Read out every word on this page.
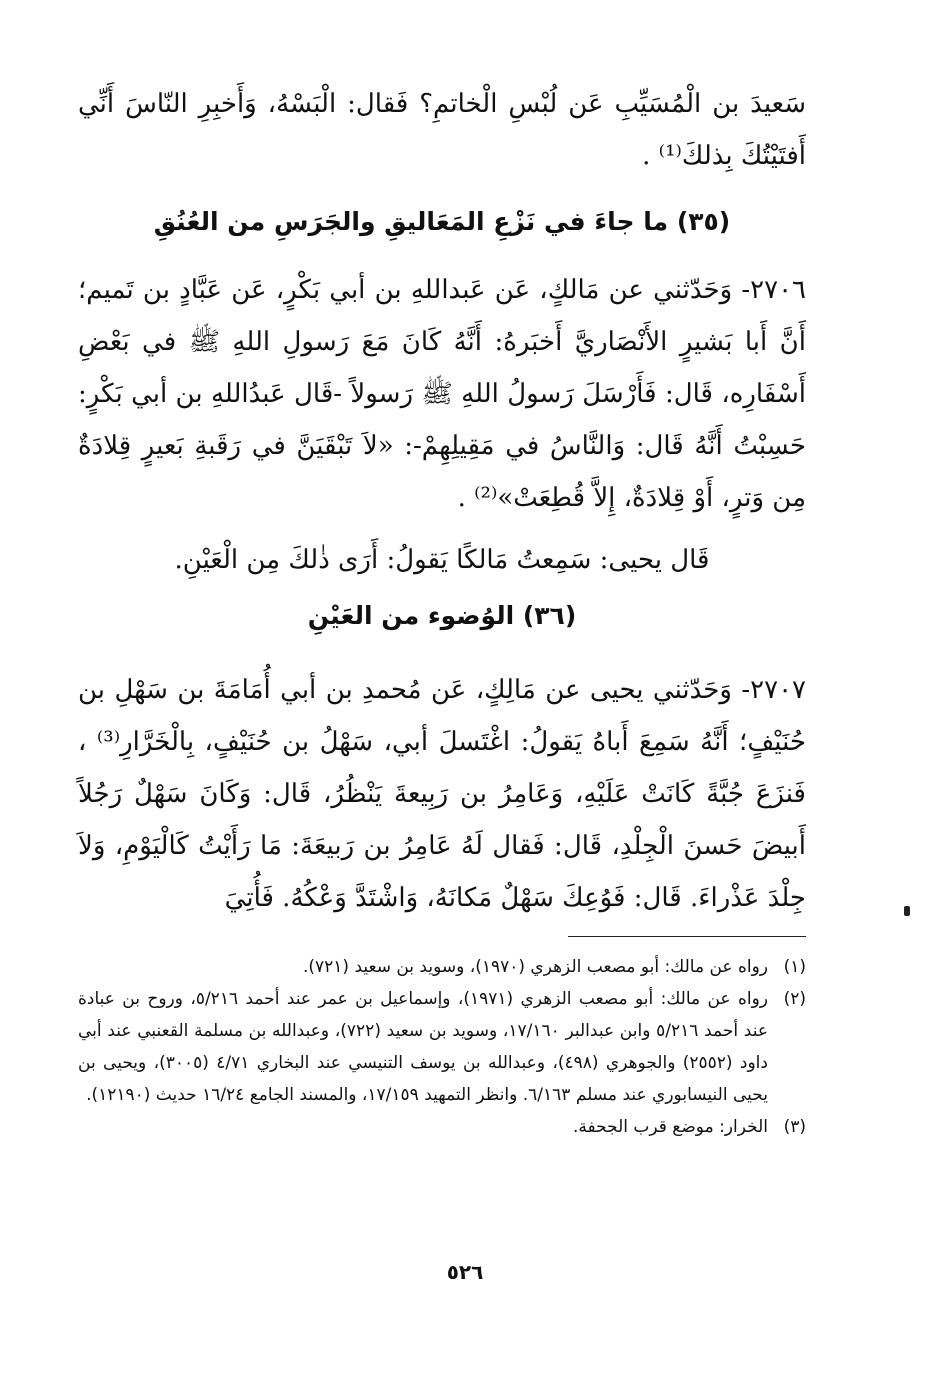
سَعيدَ بن الْمُسَيِّبِ عَن لُبْسِ الْخاتمِ؟ فَقال: الْبَسْهُ، وَأَخبِرِ النّاسَ أَنِّي أَفتَيْتُكَ بِذلكَ⁽¹⁾ .

(٣٥) ما جاءَ في نَزْعِ المَعَاليقِ والجَرَسِ من العُنُقِ

٢٧٠٦- وَحَدّثني عن مَالكٍ، عَن عَبداللهِ بن أبي بَكْرٍ، عَن عَبَّادٍ بن تَميم؛ أَنَّ أَبا بَشيرٍ الأَنْصَاريَّ أَخبَرهُ: أَنَّهُ كَانَ مَعَ رَسولِ اللهِ ﷺ في بَعْضِ أَسْفَارِه، قَال: فَأَرْسَلَ رَسولُ اللهِ ﷺ رَسولاً -قَال عَبدُاللهِ بن أبي بَكْرٍ: حَسِبْتُ أَنَّهُ قَال: وَالنَّاسُ في مَقِيلِهِمْ-: «لاَ تَبْقَيَنَّ في رَقَبةِ بَعيرٍ قِلادَةٌ مِن وَترٍ، أَوْ قِلادَةٌ، إِلاَّ قُطِعَتْ»⁽²⁾ .

قَال يحيى: سَمِعتُ مَالكًا يَقولُ: أَرَى ذٰلكَ مِن الْعَيْنِ.

(٣٦) الوُضوء من العَيْنِ

٢٧٠٧- وَحَدّثني يحيى عن مَالِكٍ، عَن مُحمدِ بن أبي أُمَامَةَ بن سَهْلِ بن حُنَيْفٍ؛ أَنَّهُ سَمِعَ أَباهُ يَقولُ: اغْتَسلَ أبي، سَهْلُ بن حُنَيْفٍ، بِالْخَرَّارِ⁽³⁾ ، فَنزَعَ جُبَّةً كَانَتْ عَلَيْهِ، وَعَامِرُ بن رَبِيعةَ يَنْظُرُ، قَال: وَكَانَ سَهْلٌ رَجُلاً أَبيضَ حَسنَ الْجِلْدِ، قَال: فَقال لَهُ عَامِرُ بن رَبيعَةَ: مَا رَأَيْتُ كَالْيَوْمِ، وَلاَ جِلْدَ عَذْراءَ. قَال: فَوُعِكَ سَهْلٌ مَكانَهُ، وَاشْتَدَّ وَعْكُهُ. فَأُتِيَ

(١)
رواه عن مالك: أبو مصعب الزهري (١٩٧٠)، وسويد بن سعيد (٧٢١).
(٢)
رواه عن مالك: أبو مصعب الزهري (١٩٧١)، وإسماعيل بن عمر عند أحمد ٥/٢١٦، وروح بن عبادة عند أحمد ٥/٢١٦ وابن عبدالبر ١٧/١٦٠، وسويد بن سعيد (٧٢٢)، وعبدالله بن مسلمة القعنبي عند أبي داود (٢٥٥٢) والجوهري (٤٩٨)، وعبدالله بن يوسف التنيسي عند البخاري ٤/٧١ (٣٠٠٥)، ويحيى بن يحيى النيسابوري عند مسلم ٦/١٦٣. وانظر التمهيد ١٧/١٥٩، والمسند الجامع ١٦/٢٤ حديث (١٢١٩٠).
(٣)
الخرار: موضع قرب الجحفة.
٥٢٦
